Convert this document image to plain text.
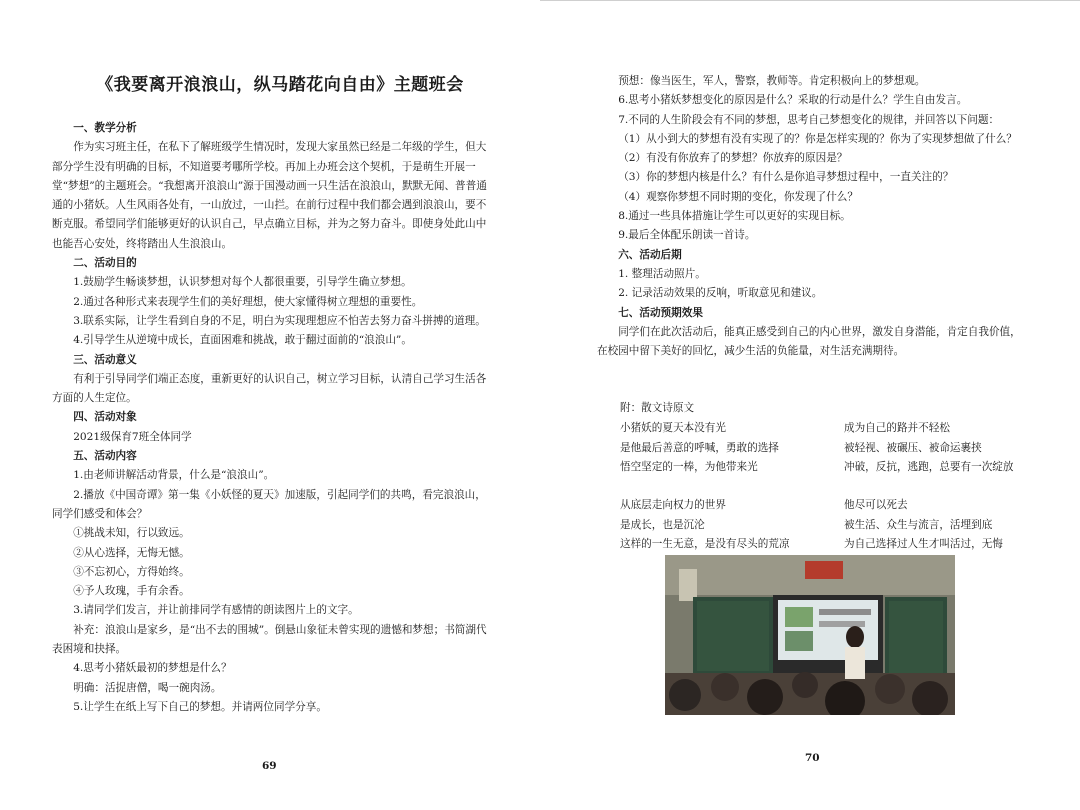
《我要离开浪浪山，纵马踏花向自由》主题班会

一、教学分析

作为实习班主任，在私下了解班级学生情况时，发现大家虽然已经是二年级的学生，但大部分学生没有明确的目标，不知道要考哪所学校。再加上办班会这个契机，于是萌生开展一堂“梦想”的主题班会。“我想离开浪浪山”源于国漫动画一只生活在浪浪山，默默无闻、普普通通的小猪妖。人生风雨各处有，一山放过，一山拦。在前行过程中我们都会遇到浪浪山，要不断克服。希望同学们能够更好的认识自己，早点确立目标，并为之努力奋斗。即使身处此山中也能吾心安处，终将踏出人生浪浪山。

二、活动目的

1.鼓励学生畅谈梦想，认识梦想对每个人都很重要，引导学生确立梦想。

2.通过各种形式来表现学生们的美好理想，使大家懂得树立理想的重要性。

3.联系实际，让学生看到自身的不足，明白为实现理想应不怕苦去努力奋斗拼搏的道理。

4.引导学生从逆境中成长，直面困难和挑战，敢于翻过面前的“浪浪山”。

三、活动意义

有利于引导同学们端正态度，重新更好的认识自己，树立学习目标，认清自己学习生活各方面的人生定位。

四、活动对象

2021级保育7班全体同学

五、活动内容

1.由老师讲解活动背景，什么是“浪浪山”。

2.播放《中国奇谭》第一集《小妖怪的夏天》加速版，引起同学们的共鸣，看完浪浪山，同学们感受和体会？

①挑战未知，行以致远。

②从心选择，无悔无憾。

③不忘初心，方得始终。

④予人玫瑰，手有余香。

3.请同学们发言，并让前排同学有感情的朗读图片上的文字。

补充：浪浪山是家乡，是“出不去的围城”。倒悬山象征未曾实现的遗憾和梦想；书简湖代表困境和抉择。

4.思考小猪妖最初的梦想是什么？

明确：活捉唐僧，喝一碗肉汤。

5.让学生在纸上写下自己的梦想。并请两位同学分享。

69
70

预想：像当医生，军人，警察，教师等。肯定积极向上的梦想观。

6.思考小猪妖梦想变化的原因是什么？采取的行动是什么？学生自由发言。

7.不同的人生阶段会有不同的梦想，思考自己梦想变化的规律，并回答以下问题：

（1）从小到大的梦想有没有实现了的？你是怎样实现的？你为了实现梦想做了什么？

（2）有没有你放弃了的梦想？你放弃的原因是？

（3）你的梦想内核是什么？有什么是你追寻梦想过程中，一直关注的？

（4）观察你梦想不同时期的变化，你发现了什么？

8.通过一些具体措施让学生可以更好的实现目标。

9.最后全体配乐朗读一首诗。

六、活动后期

1. 整理活动照片。

2. 记录活动效果的反响，听取意见和建议。

七、活动预期效果

同学们在此次活动后，能真正感受到自己的内心世界，激发自身潜能，肯定自我价值，在校园中留下美好的回忆，减少生活的负能量，对生活充满期待。

附：散文诗原文
小猪妖的夏天本没有光	成为自己的路并不轻松
是他最后善意的呼喊，勇敢的选择	被轻视、被碾压、被命运裹挟
悟空坚定的一棒，为他带来光	冲破，反抗，逃跑，总要有一次绽放
从底层走向权力的世界	他尽可以死去
是成长，也是沉沦	被生活、众生与流言，活埋到底
这样的一生无意，是没有尽头的荒凉	为自己选择过人生才叫活过，无悔
